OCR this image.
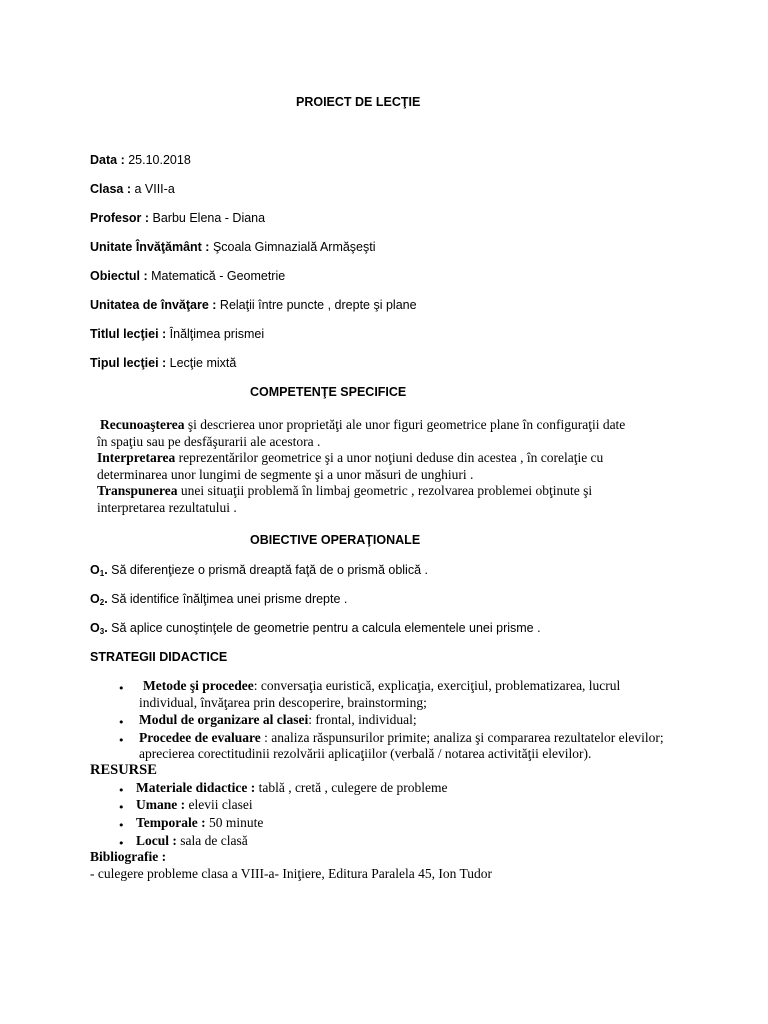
PROIECT DE LECŢIE
Data : 25.10.2018
Clasa : a VIII-a
Profesor : Barbu Elena - Diana
Unitate Învăţământ : Şcoala Gimnazială Armăşeşti
Obiectul : Matematică - Geometrie
Unitatea de învăţare : Relaţii între puncte , drepte şi plane
Titlul lecţiei : Înălţimea prismei
Tipul lecţiei : Lecţie mixtă
COMPETENŢE SPECIFICE
Recunoaşterea şi descrierea unor proprietăţi ale unor figuri geometrice plane în configuraţii date
în spaţiu sau pe desfăşurarii ale acestora .
Interpretarea reprezentărilor geometrice şi a unor noţiuni deduse din acestea , în corelaţie cu
determinarea unor lungimi de segmente şi a unor măsuri de unghiuri .
Transpunerea unei situaţii problemă în limbaj geometric , rezolvarea problemei obţinute şi
interpretarea rezultatului .
OBIECTIVE OPERAŢIONALE
$O_1$. Să diferenţieze o prismă dreaptă faţă de o prismă oblică .
$O_2$. Să identifice înălţimea unei prisme drepte .
$O_3$. Să aplice cunoştinţele de geometrie pentru a calcula elementele unei prisme .
STRATEGII DIDACTICE
• Metode şi procedee: conversaţia euristică, explicaţia, exerciţiul, problematizarea, lucrul
individual, învăţarea prin descoperire, brainstorming;
• Modul de organizare al clasei: frontal, individual;
• Procedee de evaluare : analiza răspunsurilor primite; analiza şi compararea rezultatelor elevilor;
aprecierea corectitudinii rezolvării aplicaţiilor (verbală / notarea activităţii elevilor).
RESURSE
• Materiale didactice : tablă , cretă , culegere de probleme
• Umane : elevii clasei
• Temporale : 50 minute
• Locul : sala de clasă
Bibliografie :
- culegere probleme clasa a VIII-a- Iniţiere, Editura Paralela 45, Ion Tudor
